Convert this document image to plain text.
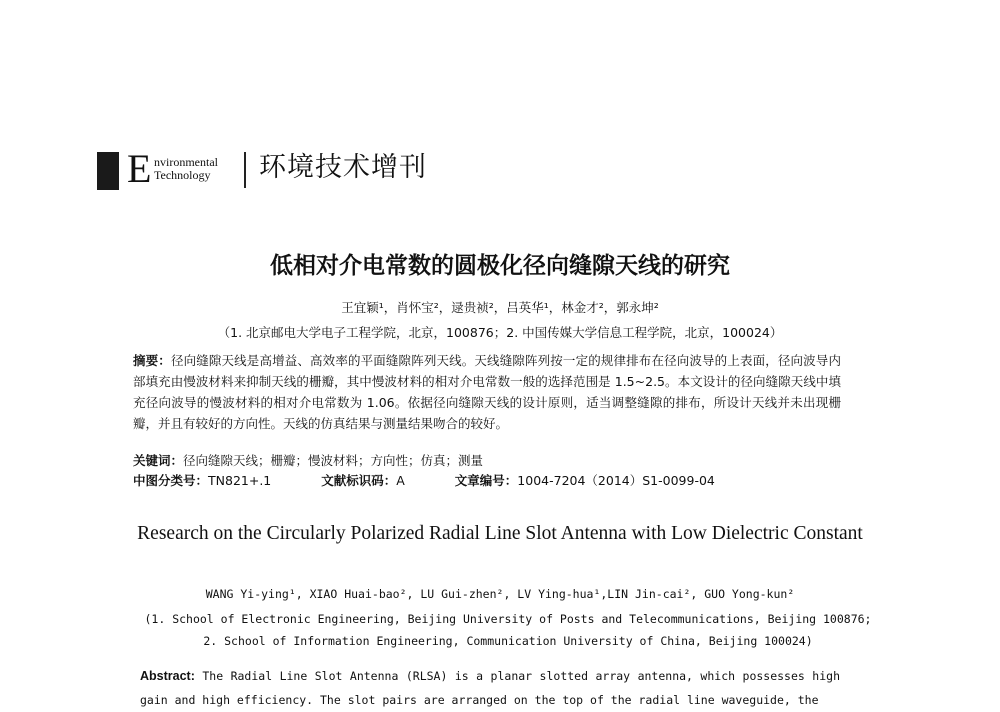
E nvironmental
Technology 环境技术增刊
低相对介电常数的圆极化径向缝隙天线的研究
王宜颖¹，肖怀宝²，逯贵祯²，吕英华¹，林金才²，郭永坤²
（1. 北京邮电大学电子工程学院，北京，100876；2. 中国传媒大学信息工程学院，北京，100024）
摘要：径向缝隙天线是高增益、高效率的平面缝隙阵列天线。天线缝隙阵列按一定的规律排布在径向波导的上表面，径向波导内部填充由慢波材料来抑制天线的栅瓣，其中慢波材料的相对介电常数一般的选择范围是 1.5~2.5。本文设计的径向缝隙天线中填充径向波导的慢波材料的相对介电常数为 1.06。依据径向缝隙天线的设计原则，适当调整缝隙的排布，所设计天线并未出现栅瓣，并且有较好的方向性。天线的仿真结果与测量结果吻合的较好。
关键词：径向缝隙天线；栅瓣；慢波材料；方向性；仿真；测量
中图分类号：TN821+.1	文献标识码：A	文章编号：1004-7204（2014）S1-0099-04
Research on the Circularly Polarized Radial Line Slot Antenna with Low Dielectric Constant
WANG Yi-ying¹, XIAO Huai-bao², LU Gui-zhen², LV Ying-hua¹,LIN Jin-cai², GUO Yong-kun²
(1. School of Electronic Engineering, Beijing University of Posts and Telecommunications, Beijing 100876;
2. School of Information Engineering, Communication University of China, Beijing 100024)
Abstract: The Radial Line Slot Antenna (RLSA) is a planar slotted array antenna, which possesses high gain and high efficiency. The slot pairs are arranged on the top of the radial line waveguide, the
